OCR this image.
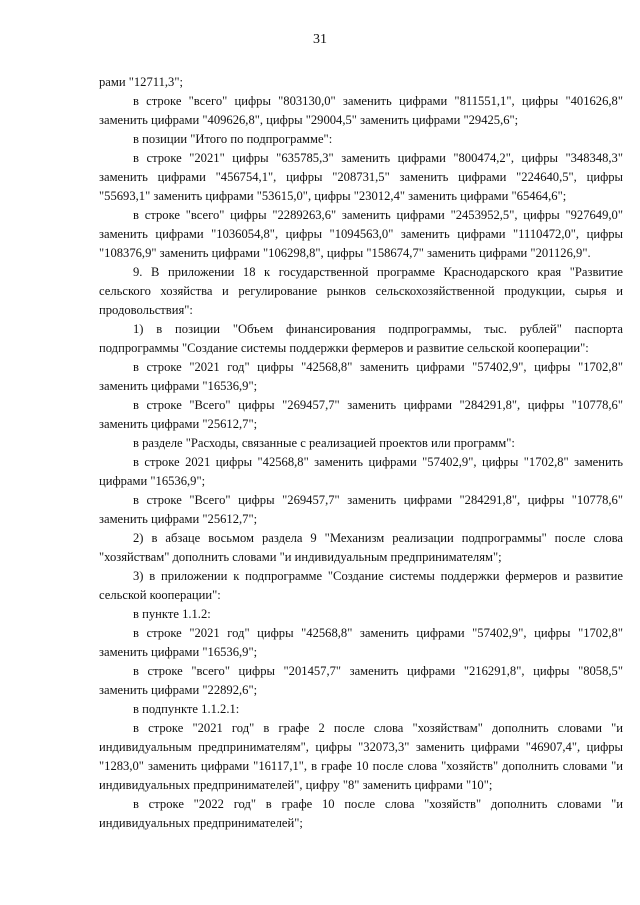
31

рами "12711,3";

в строке "всего" цифры "803130,0" заменить цифрами "811551,1", цифры "401626,8" заменить цифрами "409626,8", цифры "29004,5" заменить цифрами "29425,6";

в позиции "Итого по подпрограмме":

в строке "2021" цифры "635785,3" заменить цифрами "800474,2", цифры "348348,3" заменить цифрами "456754,1", цифры "208731,5" заменить цифрами "224640,5", цифры "55693,1" заменить цифрами "53615,0", цифры "23012,4" заменить цифрами "65464,6";

в строке "всего" цифры "2289263,6" заменить цифрами "2453952,5", цифры "927649,0" заменить цифрами "1036054,8", цифры "1094563,0" заменить цифрами "1110472,0", цифры "108376,9" заменить цифрами "106298,8", цифры "158674,7" заменить цифрами "201126,9".

9. В приложении 18 к государственной программе Краснодарского края "Развитие сельского хозяйства и регулирование рынков сельскохозяйственной продукции, сырья и продовольствия":

1) в позиции "Объем финансирования подпрограммы, тыс. рублей" паспорта подпрограммы "Создание системы поддержки фермеров и развитие сельской кооперации":

в строке "2021 год" цифры "42568,8" заменить цифрами "57402,9", цифры "1702,8" заменить цифрами "16536,9";

в строке "Всего" цифры "269457,7" заменить цифрами "284291,8", цифры "10778,6" заменить цифрами "25612,7";

в разделе "Расходы, связанные с реализацией проектов или программ":

в строке 2021 цифры "42568,8" заменить цифрами "57402,9", цифры "1702,8" заменить цифрами "16536,9";

в строке "Всего" цифры "269457,7" заменить цифрами "284291,8", цифры "10778,6" заменить цифрами "25612,7";

2) в абзаце восьмом раздела 9 "Механизм реализации подпрограммы" после слова "хозяйствам" дополнить словами "и индивидуальным предпринимателям";

3) в приложении к подпрограмме "Создание системы поддержки фермеров и развитие сельской кооперации":

в пункте 1.1.2:

в строке "2021 год" цифры "42568,8" заменить цифрами "57402,9", цифры "1702,8" заменить цифрами "16536,9";

в строке "всего" цифры "201457,7" заменить цифрами "216291,8", цифры "8058,5" заменить цифрами "22892,6";

в подпункте 1.1.2.1:

в строке "2021 год" в графе 2 после слова "хозяйствам" дополнить словами "и индивидуальным предпринимателям", цифры "32073,3" заменить цифрами "46907,4", цифры "1283,0" заменить цифрами "16117,1", в графе 10 после слова "хозяйств" дополнить словами "и индивидуальных предпринимателей", цифру "8" заменить цифрами "10";

в строке "2022 год" в графе 10 после слова "хозяйств" дополнить словами "и индивидуальных предпринимателей";
